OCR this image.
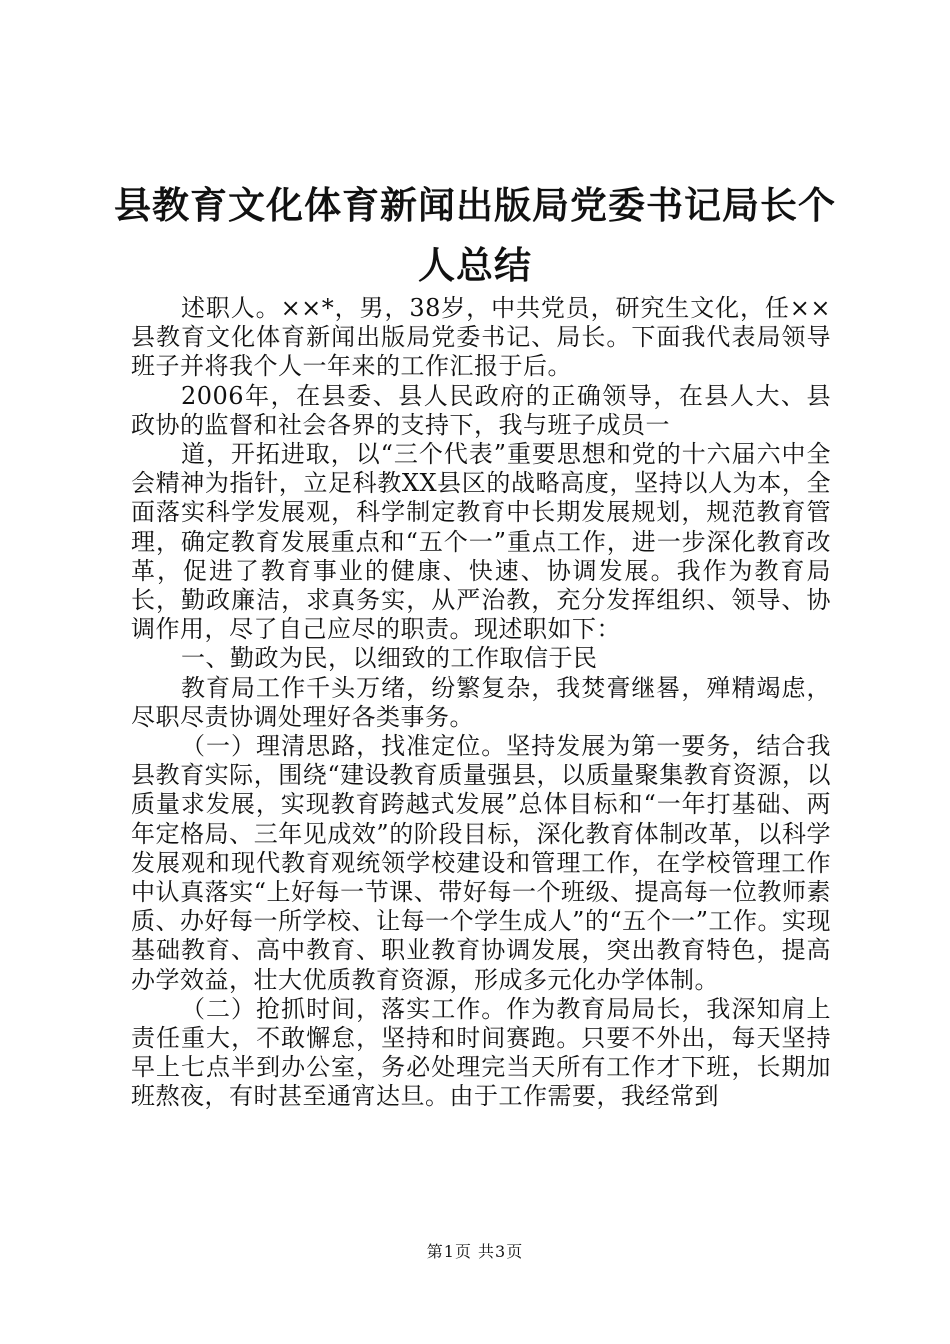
县教育文化体育新闻出版局党委书记局长个人总结

述职人。××*，男，38岁，中共党员，研究生文化，任××县教育文化体育新闻出版局党委书记、局长。下面我代表局领导班子并将我个人一年来的工作汇报于后。

2006年，在县委、县人民政府的正确领导，在县人大、县政协的监督和社会各界的支持下，我与班子成员一

道，开拓进取，以“三个代表”重要思想和党的十六届六中全会精神为指针，立足科教XX县区的战略高度，坚持以人为本，全面落实科学发展观，科学制定教育中长期发展规划，规范教育管理，确定教育发展重点和“五个一”重点工作，进一步深化教育改革，促进了教育事业的健康、快速、协调发展。我作为教育局长，勤政廉洁，求真务实，从严治教，充分发挥组织、领导、协调作用，尽了自己应尽的职责。现述职如下：

一、勤政为民，以细致的工作取信于民

教育局工作千头万绪，纷繁复杂，我焚膏继晷，殚精竭虑，尽职尽责协调处理好各类事务。

（一）理清思路，找准定位。坚持发展为第一要务，结合我县教育实际，围绕“建设教育质量强县，以质量聚集教育资源，以质量求发展，实现教育跨越式发展”总体目标和“一年打基础、两年定格局、三年见成效”的阶段目标，深化教育体制改革，以科学发展观和现代教育观统领学校建设和管理工作，在学校管理工作中认真落实“上好每一节课、带好每一个班级、提高每一位教师素质、办好每一所学校、让每一个学生成人”的“五个一”工作。实现基础教育、高中教育、职业教育协调发展，突出教育特色，提高办学效益，壮大优质教育资源，形成多元化办学体制。

（二）抢抓时间，落实工作。作为教育局局长，我深知肩上责任重大，不敢懈怠，坚持和时间赛跑。只要不外出，每天坚持早上七点半到办公室，务必处理完当天所有工作才下班，长期加班熬夜，有时甚至通宵达旦。由于工作需要，我经常到

第1页 共3页
